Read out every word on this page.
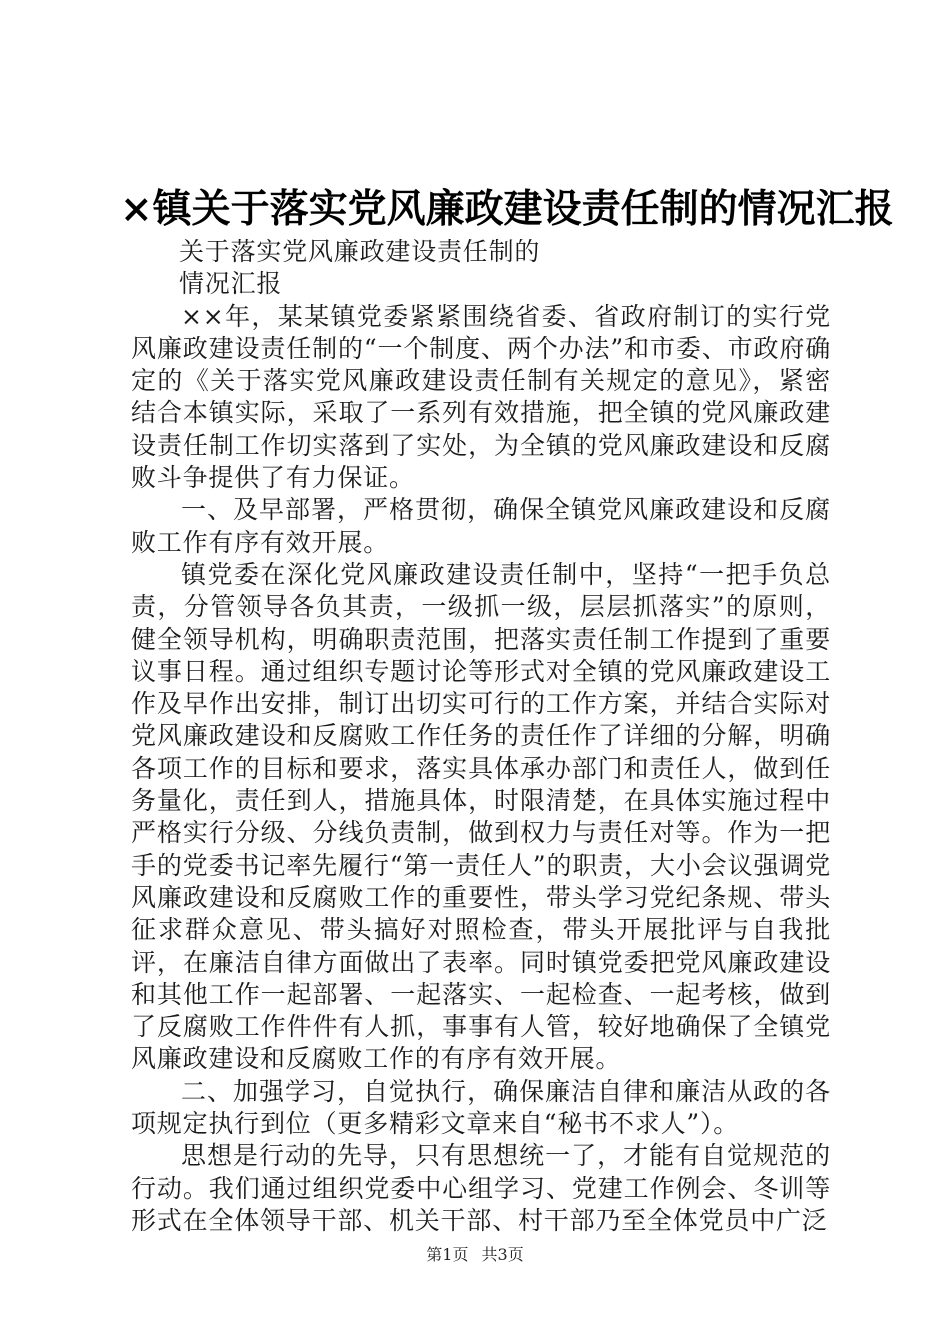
×镇关于落实党风廉政建设责任制的情况汇报

关于落实党风廉政建设责任制的

情况汇报

××年，某某镇党委紧紧围绕省委、省政府制订的实行党风廉政建设责任制的“一个制度、两个办法”和市委、市政府确定的《关于落实党风廉政建设责任制有关规定的意见》，紧密结合本镇实际，采取了一系列有效措施，把全镇的党风廉政建设责任制工作切实落到了实处，为全镇的党风廉政建设和反腐败斗争提供了有力保证。

一、及早部署，严格贯彻，确保全镇党风廉政建设和反腐败工作有序有效开展。

镇党委在深化党风廉政建设责任制中，坚持“一把手负总责，分管领导各负其责，一级抓一级，层层抓落实”的原则，健全领导机构，明确职责范围，把落实责任制工作提到了重要议事日程。通过组织专题讨论等形式对全镇的党风廉政建设工作及早作出安排，制订出切实可行的工作方案，并结合实际对党风廉政建设和反腐败工作任务的责任作了详细的分解，明确各项工作的目标和要求，落实具体承办部门和责任人，做到任务量化，责任到人，措施具体，时限清楚，在具体实施过程中严格实行分级、分线负责制，做到权力与责任对等。作为一把手的党委书记率先履行“第一责任人”的职责，大小会议强调党风廉政建设和反腐败工作的重要性，带头学习党纪条规、带头征求群众意见、带头搞好对照检查，带头开展批评与自我批评，在廉洁自律方面做出了表率。同时镇党委把党风廉政建设和其他工作一起部署、一起落实、一起检查、一起考核，做到了反腐败工作件件有人抓，事事有人管，较好地确保了全镇党风廉政建设和反腐败工作的有序有效开展。

二、加强学习，自觉执行，确保廉洁自律和廉洁从政的各项规定执行到位（更多精彩文章来自“秘书不求人”）。

思想是行动的先导，只有思想统一了，才能有自觉规范的行动。我们通过组织党委中心组学习、党建工作例会、冬训等形式在全体领导干部、机关干部、村干部乃至全体党员中广泛

第1页 共3页
